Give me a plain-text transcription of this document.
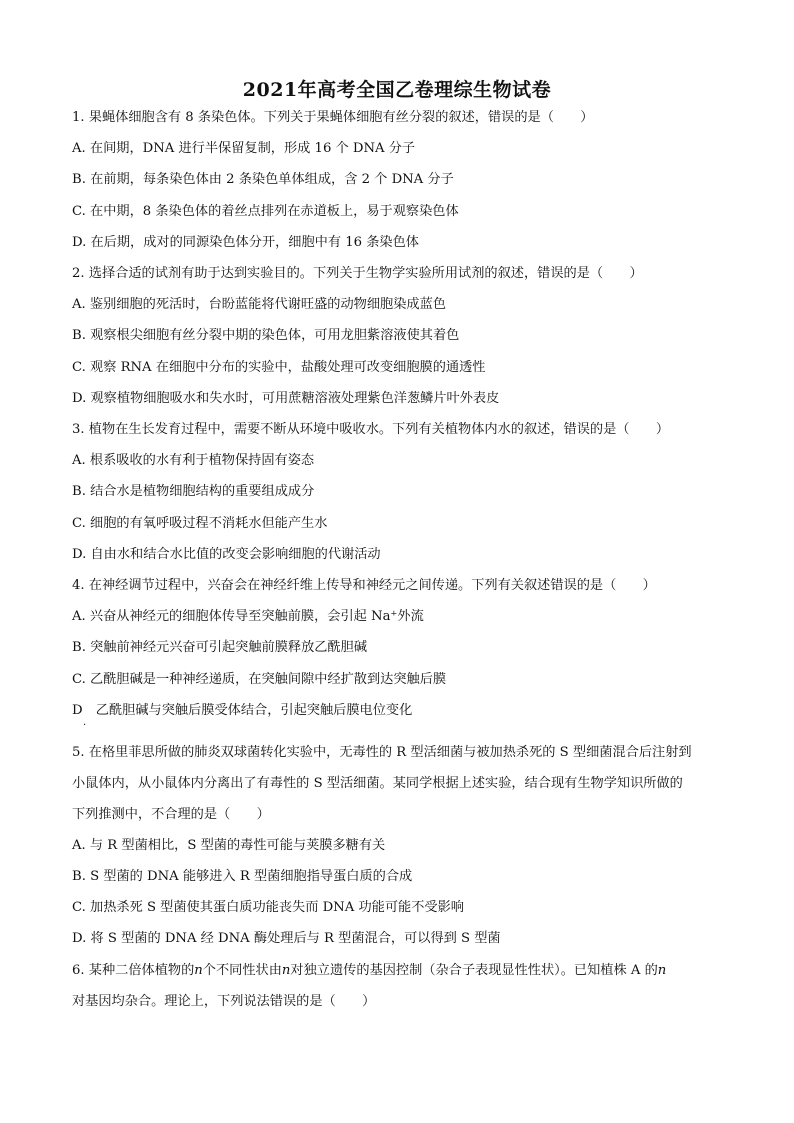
2021年高考全国乙卷理综生物试卷
1. 果蝇体细胞含有 8 条染色体。下列关于果蝇体细胞有丝分裂的叙述，错误的是（　　）
A. 在间期，DNA 进行半保留复制，形成 16 个 DNA 分子
B. 在前期，每条染色体由 2 条染色单体组成，含 2 个 DNA 分子
C. 在中期，8 条染色体的着丝点排列在赤道板上，易于观察染色体
D. 在后期，成对的同源染色体分开，细胞中有 16 条染色体
2. 选择合适的试剂有助于达到实验目的。下列关于生物学实验所用试剂的叙述，错误的是（　　）
A. 鉴别细胞的死活时，台盼蓝能将代谢旺盛的动物细胞染成蓝色
B. 观察根尖细胞有丝分裂中期的染色体，可用龙胆紫溶液使其着色
C. 观察 RNA 在细胞中分布的实验中，盐酸处理可改变细胞膜的通透性
D. 观察植物细胞吸水和失水时，可用蔗糖溶液处理紫色洋葱鳞片叶外表皮
3. 植物在生长发育过程中，需要不断从环境中吸收水。下列有关植物体内水的叙述，错误的是（　　）
A. 根系吸收的水有利于植物保持固有姿态
B. 结合水是植物细胞结构的重要组成成分
C. 细胞的有氧呼吸过程不消耗水但能产生水
D. 自由水和结合水比值的改变会影响细胞的代谢活动
4. 在神经调节过程中，兴奋会在神经纤维上传导和神经元之间传递。下列有关叙述错误的是（　　）
A. 兴奋从神经元的细胞体传导至突触前膜，会引起 Na⁺外流
B. 突触前神经元兴奋可引起突触前膜释放乙酰胆碱
C. 乙酰胆碱是一种神经递质，在突触间隙中经扩散到达突触后膜
D　乙酰胆碱与突触后膜受体结合，引起突触后膜电位变化
·
5. 在格里菲思所做的肺炎双球菌转化实验中，无毒性的 R 型活细菌与被加热杀死的 S 型细菌混合后注射到
小鼠体内，从小鼠体内分离出了有毒性的 S 型活细菌。某同学根据上述实验，结合现有生物学知识所做的
下列推测中，不合理的是（　　）
A. 与 R 型菌相比，S 型菌的毒性可能与荚膜多糖有关
B. S 型菌的 DNA 能够进入 R 型菌细胞指导蛋白质的合成
C. 加热杀死 S 型菌使其蛋白质功能丧失而 DNA 功能可能不受影响
D. 将 S 型菌的 DNA 经 DNA 酶处理后与 R 型菌混合，可以得到 S 型菌
6. 某种二倍体植物的n个不同性状由n对独立遗传的基因控制（杂合子表现显性性状）。已知植株 A 的n
对基因均杂合。理论上，下列说法错误的是（　　）
